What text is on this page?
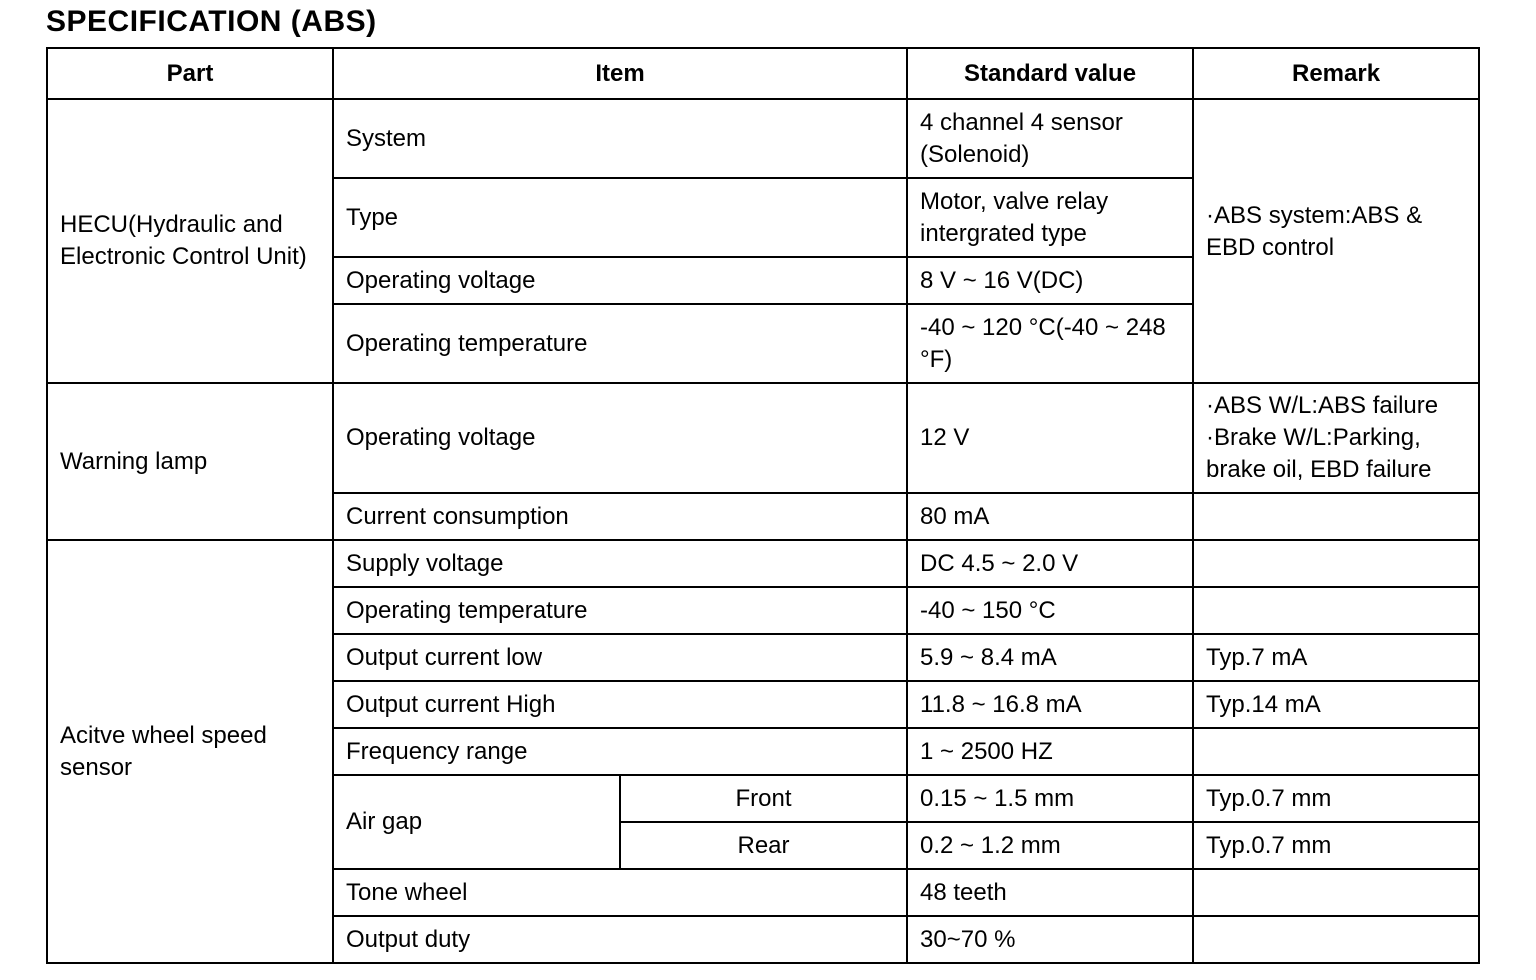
SPECIFICATION (ABS)
Part	Item		Standard value	Remark
HECU(Hydraulic and Electronic Control Unit)	System		4 channel 4 sensor (Solenoid)	·ABS system:ABS & EBD control
	Type		Motor, valve relay intergrated type	
	Operating voltage		8 V ~ 16 V(DC)	
	Operating temperature		-40 ~ 120 °C(-40 ~ 248 °F)	
Warning lamp	Operating voltage		12 V	·ABS W/L:ABS failure ·Brake W/L:Parking, brake oil, EBD failure
	Current consumption		80 mA	
Acitve wheel speed sensor	Supply voltage		DC 4.5 ~ 2.0 V	
	Operating temperature		-40 ~ 150 °C	
	Output current low		5.9 ~ 8.4 mA	Typ.7 mA
	Output current High		11.8 ~ 16.8 mA	Typ.14 mA
	Frequency range		1 ~ 2500 HZ	
	Air gap	Front	0.15 ~ 1.5 mm	Typ.0.7 mm
		Rear	0.2 ~ 1.2 mm	Typ.0.7 mm
	Tone wheel		48 teeth	
	Output duty		30~70 %	
